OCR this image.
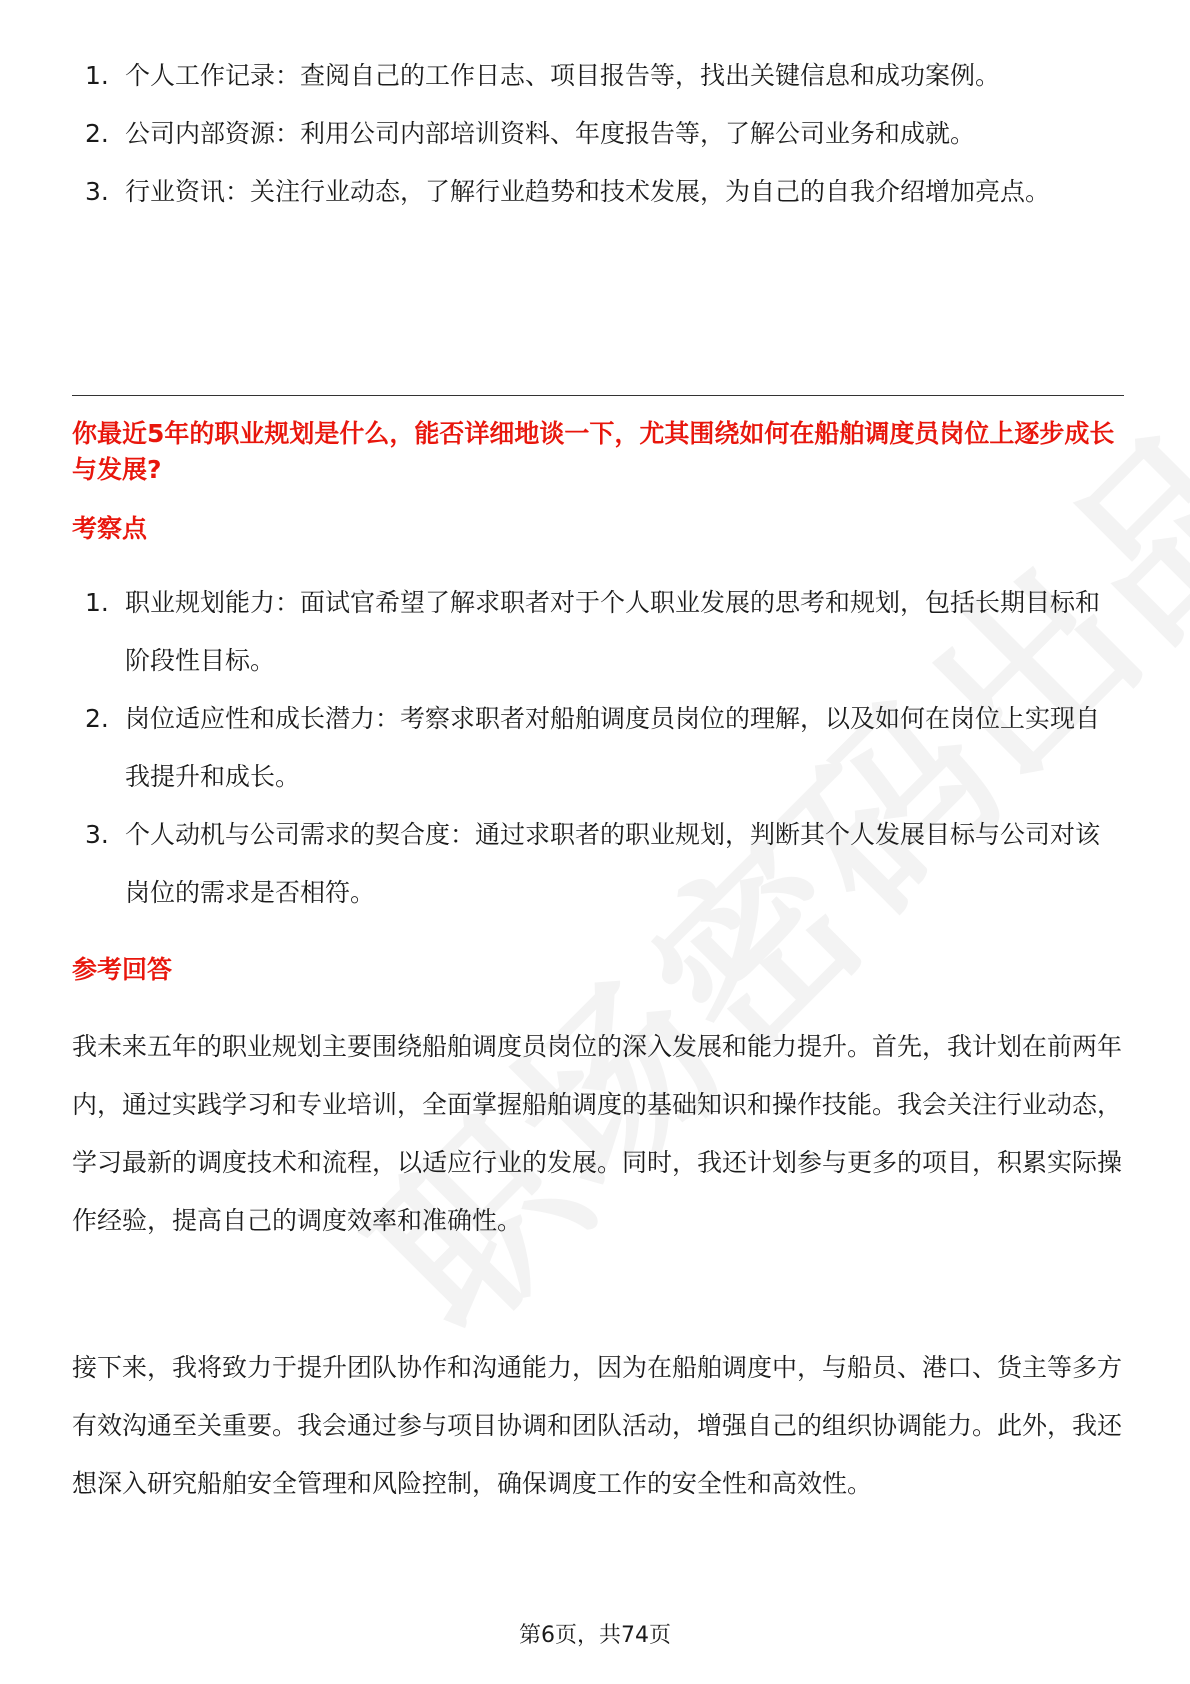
1. 个人工作记录：查阅自己的工作日志、项目报告等，找出关键信息和成功案例。
2. 公司内部资源：利用公司内部培训资料、年度报告等，了解公司业务和成就。
3. 行业资讯：关注行业动态，了解行业趋势和技术发展，为自己的自我介绍增加亮点。
你最近5年的职业规划是什么，能否详细地谈一下，尤其围绕如何在船舶调度员岗位上逐步成长与发展?
考察点
1. 职业规划能力：面试官希望了解求职者对于个人职业发展的思考和规划，包括长期目标和阶段性目标。
2. 岗位适应性和成长潜力：考察求职者对船舶调度员岗位的理解，以及如何在岗位上实现自我提升和成长。
3. 个人动机与公司需求的契合度：通过求职者的职业规划，判断其个人发展目标与公司对该岗位的需求是否相符。
参考回答

我未来五年的职业规划主要围绕船舶调度员岗位的深入发展和能力提升。首先，我计划在前两年内，通过实践学习和专业培训，全面掌握船舶调度的基础知识和操作技能。我会关注行业动态，学习最新的调度技术和流程，以适应行业的发展。同时，我还计划参与更多的项目，积累实际操作经验，提高自己的调度效率和准确性。

接下来，我将致力于提升团队协作和沟通能力，因为在船舶调度中，与船员、港口、货主等多方有效沟通至关重要。我会通过参与项目协调和团队活动，增强自己的组织协调能力。此外，我还想深入研究船舶安全管理和风险控制，确保调度工作的安全性和高效性。

第6页，共74页
